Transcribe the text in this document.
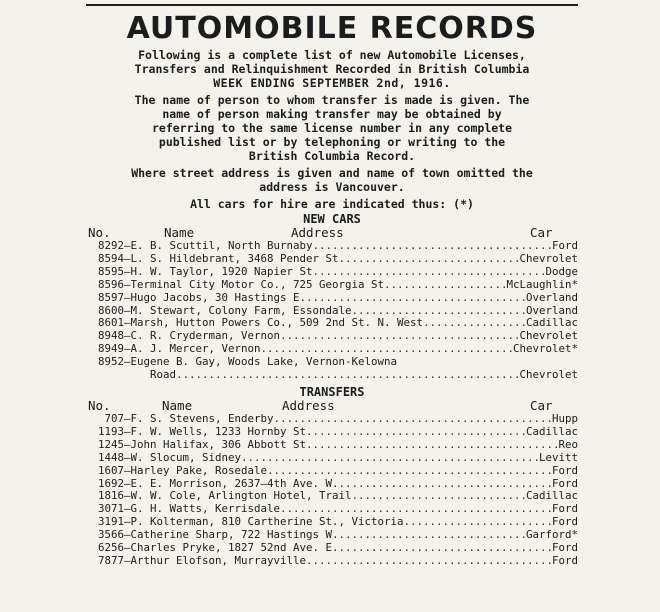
AUTOMOBILE RECORDS
Following is a complete list of new Automobile Licenses,
Transfers and Relinquishment Recorded in British Columbia
WEEK ENDING SEPTEMBER 2nd, 1916.
The name of person to whom transfer is made is given. The
name of person making transfer may be obtained by
referring to the same license number in any complete
published list or by telephoning or writing to the
British Columbia Record.
Where street address is given and name of town omitted the
address is Vancouver.
All cars for hire are indicated thus: (*)
NEW CARS
No.	Name	Address	Car
8292 — E. B. Scuttil, North Burnaby .....	Ford
8594 — L. S. Hildebrant, 3468 Pender St .....	Chevrolet
8595 — H. W. Taylor, 1920 Napier St .....	Dodge
8596 — Terminal City Motor Co., 725 Georgia St .....	McLaughlin*
8597 — Hugo Jacobs, 30 Hastings E. .....	Overland
8600 — M. Stewart, Colony Farm, Essondale .....	Overland
8601 — Marsh, Hutton Powers Co., 509 2nd St. N. West .....	Cadillac
8948 — C. R. Cryderman, Vernon .....	Chevrolet
8949 — A. J. Mercer, Vernon .....	Chevrolet*
8952 — Eugene B. Gay, Woods Lake, Vernon-Kelowna
Road .....	Chevrolet
TRANSFERS
No.	Name	Address	Car
707 — F. S. Stevens, Enderby .....	Hupp
1193 — F. W. Wells, 1233 Hornby St. .....	Cadillac
1245 — John Halifax, 306 Abbott St. .....	Reo
1448 — W. Slocum, Sidney .....	Levitt
1607 — Harley Pake, Rosedale .....	Ford
1692 — E. E. Morrison, 2637—4th Ave. W. .....	Ford
1816 — W. W. Cole, Arlington Hotel, Trail .....	Cadillac
3071 — G. H. Watts, Kerrisdale .....	Ford
3191 — P. Kolterman, 810 Cartherine St., Victoria .....	Ford
3566 — Catherine Sharp, 722 Hastings W. .....	Garford*
6256 — Charles Pryke, 1827 52nd Ave. E. .....	Ford
7877 — Arthur Elofson, Murrayville .....	Ford
